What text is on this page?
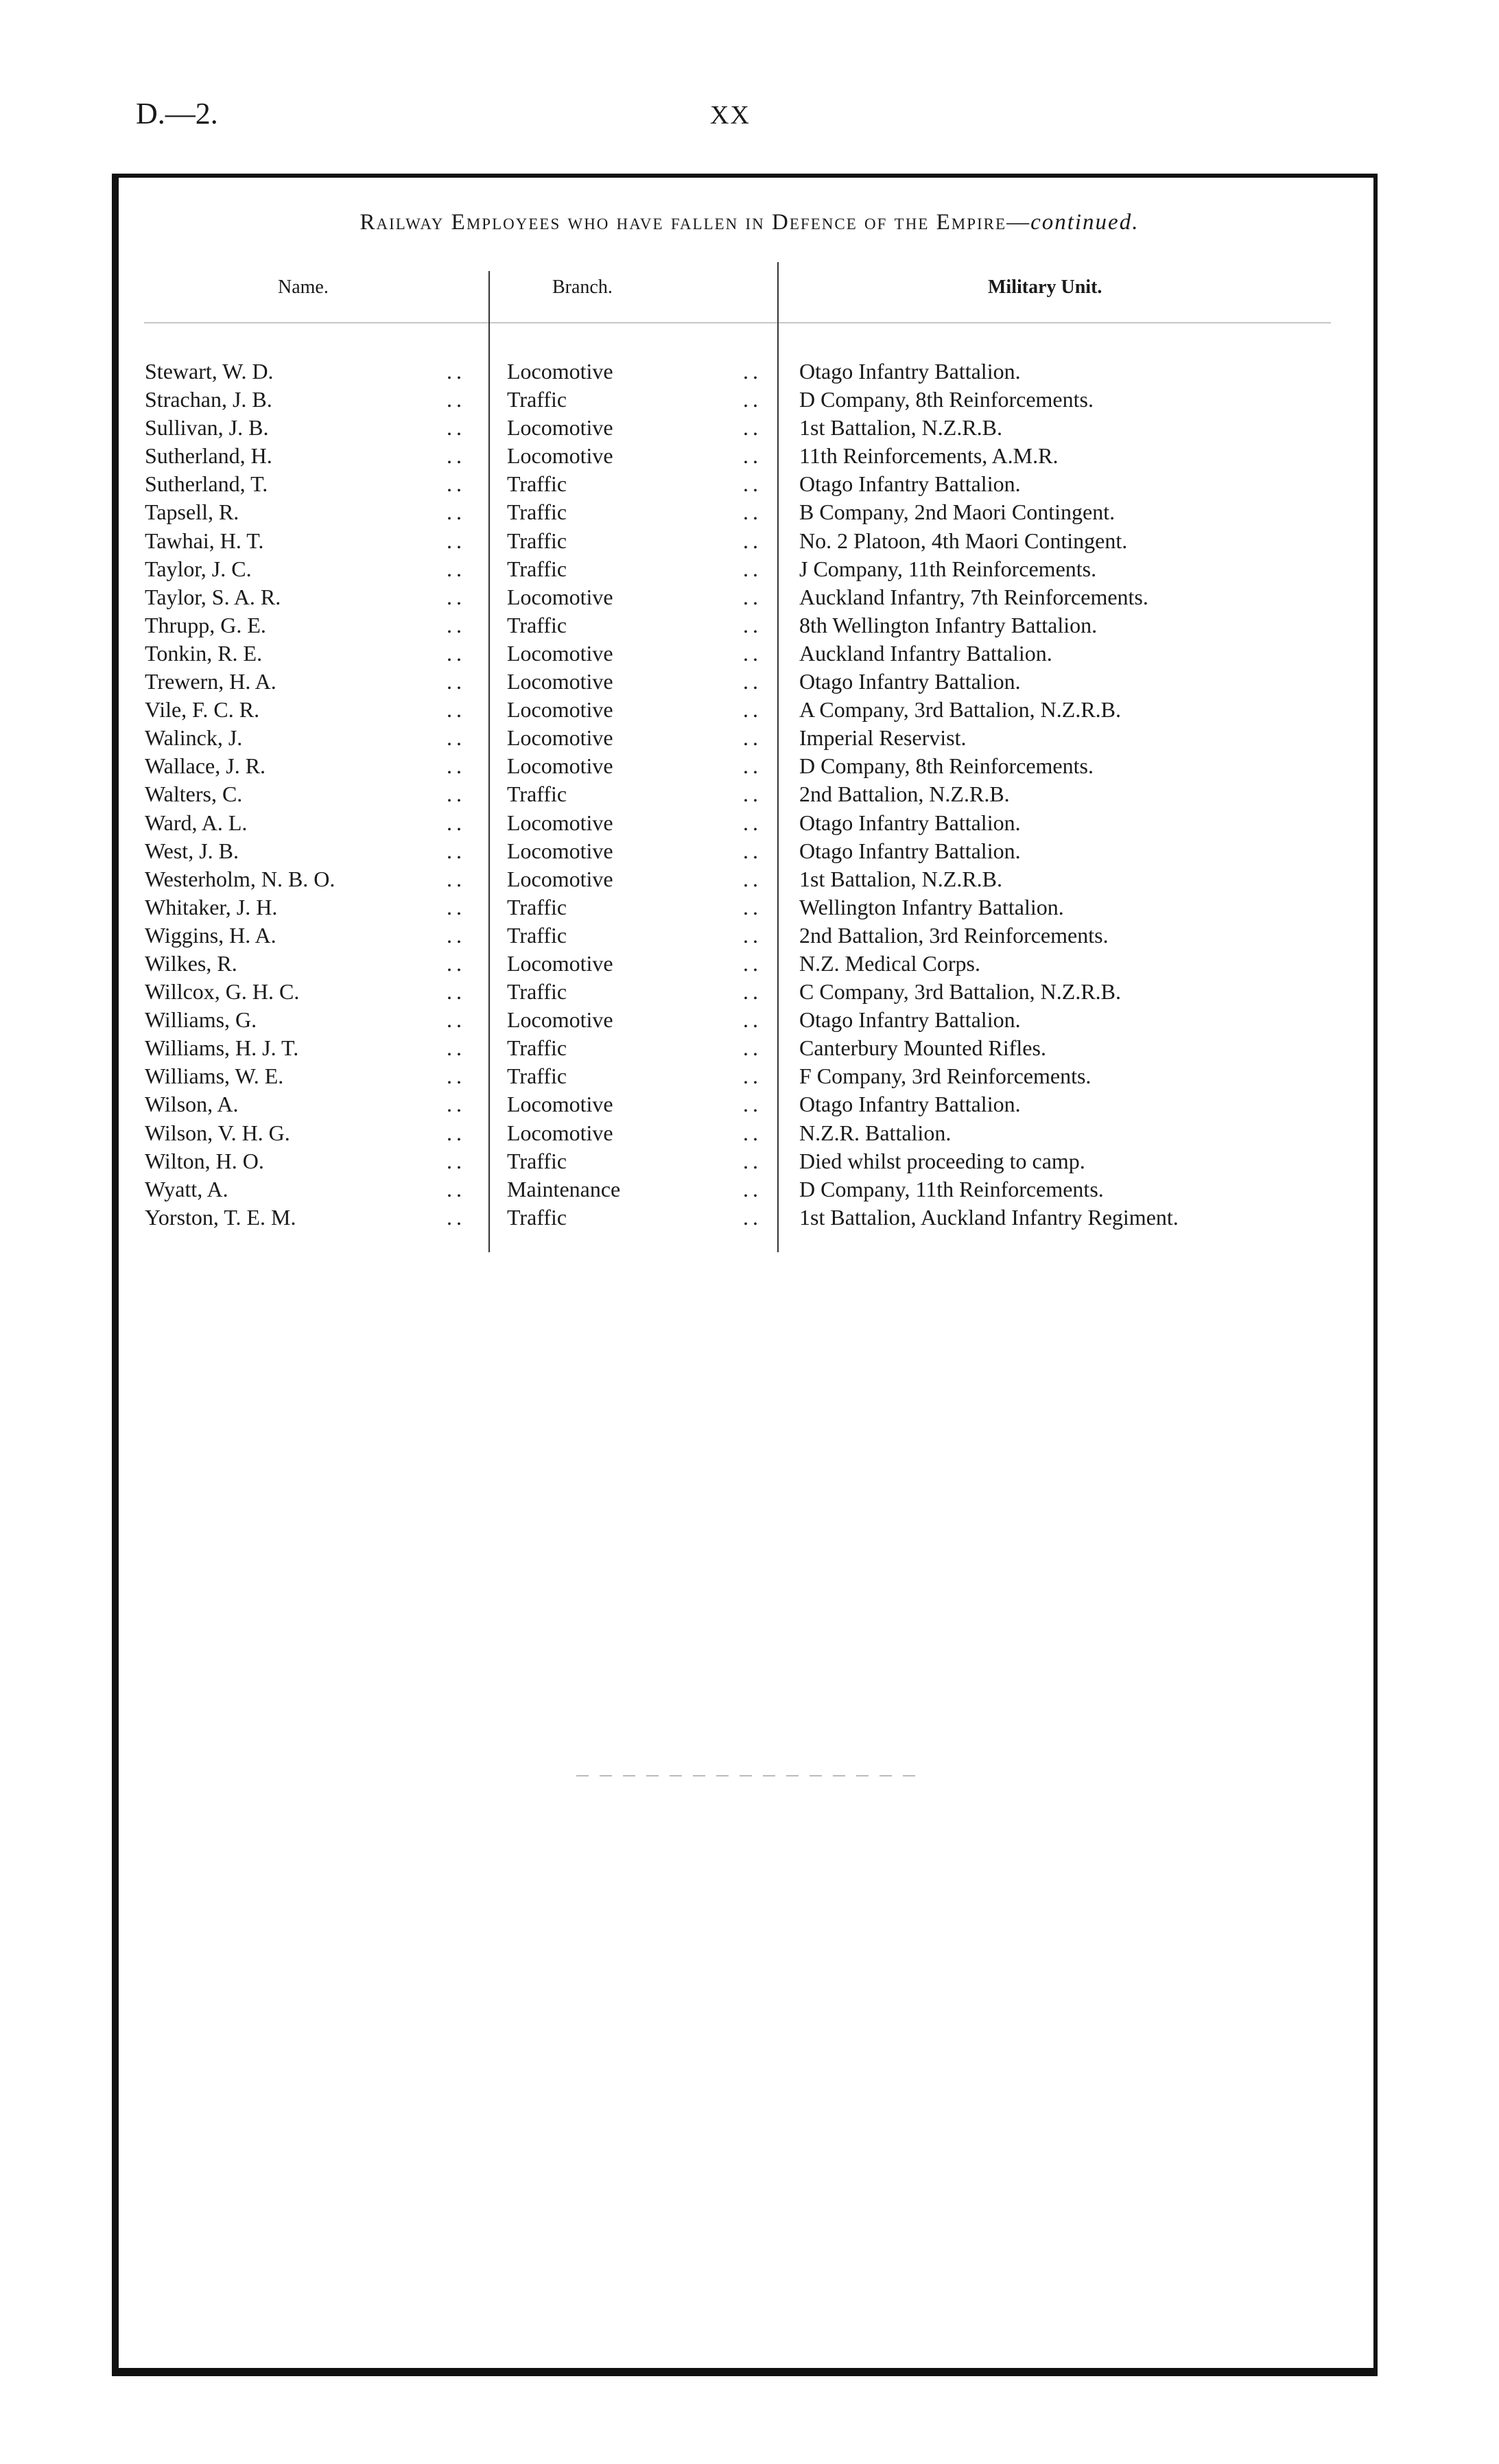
D.—2.	XX
Railway Employees who have fallen in Defence of the Empire—continued.
Name.	Branch.	Military Unit.
Stewart, W. D.	.. Locomotive	.. Otago Infantry Battalion.
Strachan, J. B.	.. Traffic	.. D Company, 8th Reinforcements.
Sullivan, J. B.	.. Locomotive	.. 1st Battalion, N.Z.R.B.
Sutherland, H.	.. Locomotive	.. 11th Reinforcements, A.M.R.
Sutherland, T.	.. Traffic	.. Otago Infantry Battalion.
Tapsell, R.	.. Traffic	.. B Company, 2nd Maori Contingent.
Tawhai, H. T.	.. Traffic	.. No. 2 Platoon, 4th Maori Contingent.
Taylor, J. C.	.. Traffic	.. J Company, 11th Reinforcements.
Taylor, S. A. R.	.. Locomotive	.. Auckland Infantry, 7th Reinforcements.
Thrupp, G. E.	.. Traffic	.. 8th Wellington Infantry Battalion.
Tonkin, R. E.	.. Locomotive	.. Auckland Infantry Battalion.
Trewern, H. A.	.. Locomotive	.. Otago Infantry Battalion.
Vile, F. C. R.	.. Locomotive	.. A Company, 3rd Battalion, N.Z.R.B.
Walinck, J.	.. Locomotive	.. Imperial Reservist.
Wallace, J. R.	.. Locomotive	.. D Company, 8th Reinforcements.
Walters, C.	.. Traffic	.. 2nd Battalion, N.Z.R.B.
Ward, A. L.	.. Locomotive	.. Otago Infantry Battalion.
West, J. B.	.. Locomotive	.. Otago Infantry Battalion.
Westerholm, N. B. O.	.. Locomotive	.. 1st Battalion, N.Z.R.B.
Whitaker, J. H.	.. Traffic	.. Wellington Infantry Battalion.
Wiggins, H. A.	.. Traffic	.. 2nd Battalion, 3rd Reinforcements.
Wilkes, R.	.. Locomotive	.. N.Z. Medical Corps.
Willcox, G. H. C.	.. Traffic	.. C Company, 3rd Battalion, N.Z.R.B.
Williams, G.	.. Locomotive	.. Otago Infantry Battalion.
Williams, H. J. T.	.. Traffic	.. Canterbury Mounted Rifles.
Williams, W. E.	.. Traffic	.. F Company, 3rd Reinforcements.
Wilson, A.	.. Locomotive	.. Otago Infantry Battalion.
Wilson, V. H. G.	.. Locomotive	.. N.Z.R. Battalion.
Wilton, H. O.	.. Traffic	.. Died whilst proceeding to camp.
Wyatt, A.	.. Maintenance	.. D Company, 11th Reinforcements.
Yorston, T. E. M.	.. Traffic	.. 1st Battalion, Auckland Infantry Regiment.
